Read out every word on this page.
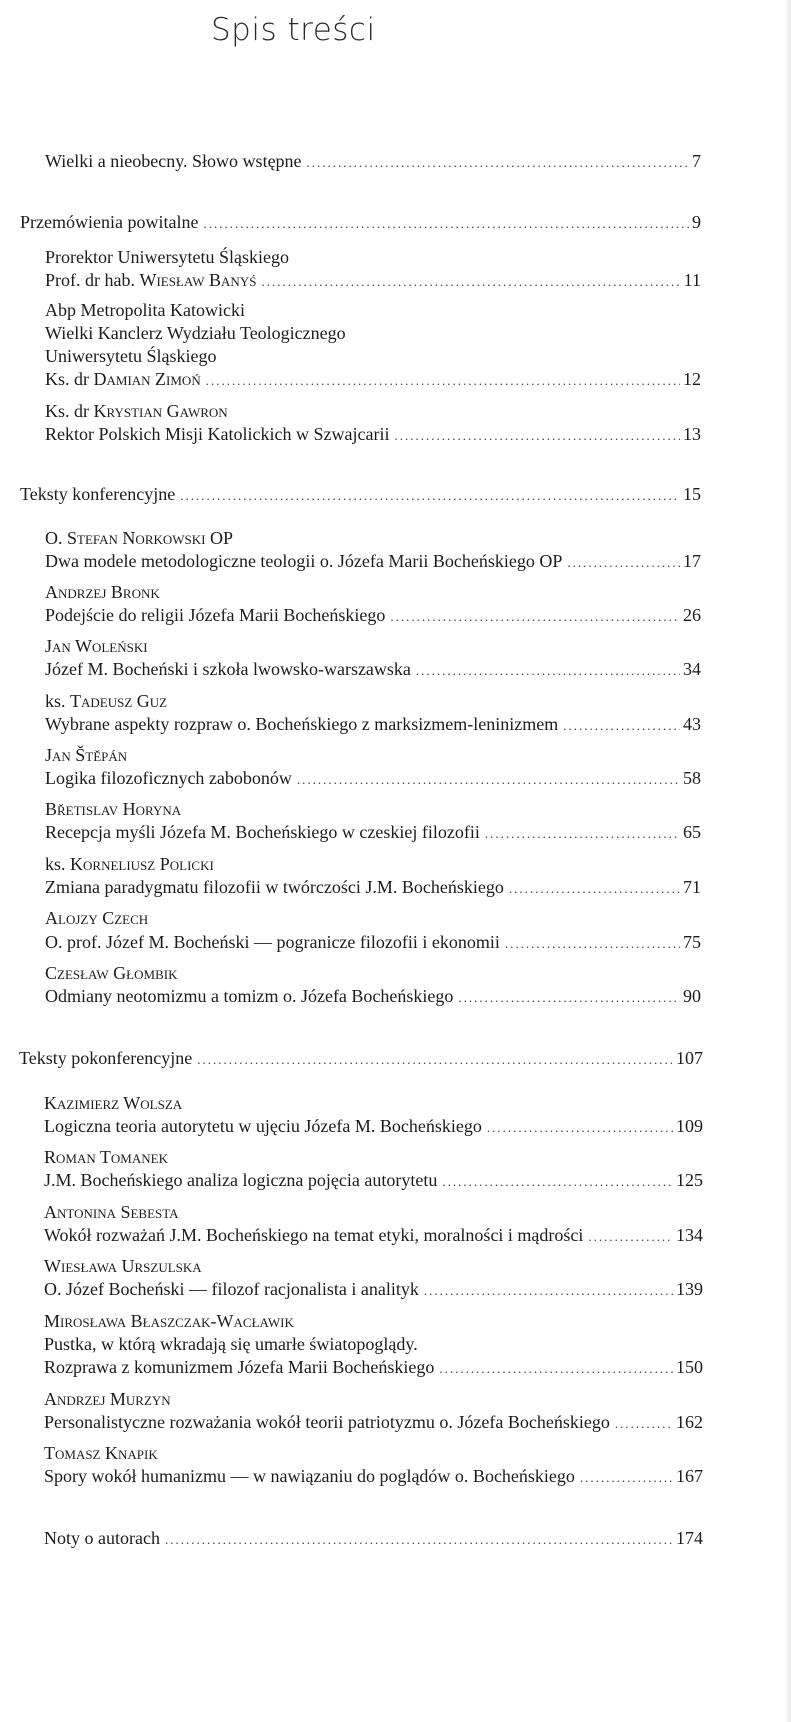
Spis treści
Wielki a nieobecny. Słowo wstępne .....	7
Przemówienia powitalne .....	9
Prorektor Uniwersytetu Śląskiego
Prof. dr hab. Wiesław Banyś .....	11
Abp Metropolita Katowicki
Wielki Kanclerz Wydziału Teologicznego
Uniwersytetu Śląskiego
Ks. dr Damian Zimoń .....	12
Ks. dr Krystian Gawron
Rektor Polskich Misji Katolickich w Szwajcarii .....	13
Teksty konferencyjne .....	15
O. Stefan Norkowski OP
Dwa modele metodologiczne teologii o. Józefa Marii Bocheńskiego OP .....	17
Andrzej Bronk
Podejście do religii Józefa Marii Bocheńskiego .....	26
Jan Woleński
Józef M. Bocheński i szkoła lwowsko-warszawska .....	34
ks. Tadeusz Guz
Wybrane aspekty rozpraw o. Bocheńskiego z marksizmem-leninizmem .....	43
Jan Štěpán
Logika filozoficznych zabobonów .....	58
Břetislav Horyna
Recepcja myśli Józefa M. Bocheńskiego w czeskiej filozofii .....	65
ks. Korneliusz Policki
Zmiana paradygmatu filozofii w twórczości J.M. Bocheńskiego .....	71
Alojzy Czech
O. prof. Józef M. Bocheński — pogranicze filozofii i ekonomii .....	75
Czesław Głombik
Odmiany neotomizmu a tomizm o. Józefa Bocheńskiego .....	90
Teksty pokonferencyjne .....	107
Kazimierz Wolsza
Logiczna teoria autorytetu w ujęciu Józefa M. Bocheńskiego .....	109
Roman Tomanek
J.M. Bocheńskiego analiza logiczna pojęcia autorytetu .....	125
Antonina Sebesta
Wokół rozważań J.M. Bocheńskiego na temat etyki, moralności i mądrości .....	134
Wiesława Urszulska
O. Józef Bocheński — filozof racjonalista i analityk .....	139
Mirosława Błaszczak-Wacławik
Pustka, w którą wkradają się umarłe światopoglądy.
Rozprawa z komunizmem Józefa Marii Bocheńskiego .....	150
Andrzej Murzyn
Personalistyczne rozważania wokół teorii patriotyzmu o. Józefa Bocheńskiego .....	162
Tomasz Knapik
Spory wokół humanizmu — w nawiązaniu do poglądów o. Bocheńskiego .....	167
Noty o autorach .....	174
